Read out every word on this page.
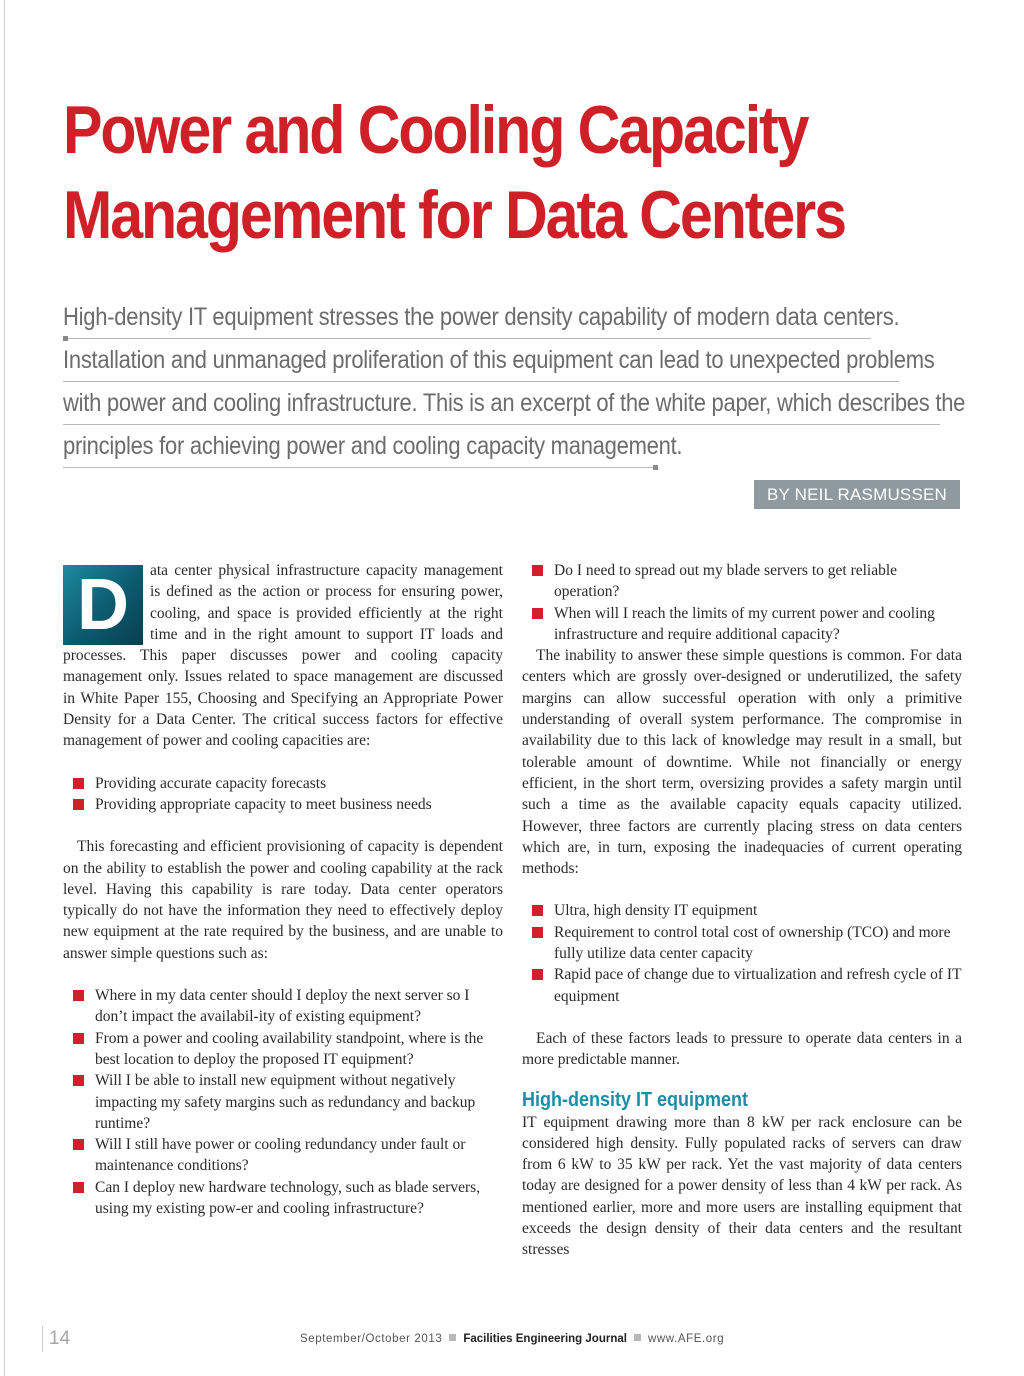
Power and Cooling Capacity
Management for Data Centers
High-density IT equipment stresses the power density capability of modern data centers.
Installation and unmanaged proliferation of this equipment can lead to unexpected problems
with power and cooling infrastructure. This is an excerpt of the white paper, which describes the
principles for achieving power and cooling capacity management.
BY NEIL RASMUSSEN

D	ata center physical infrastructure capacity management is defined as the action or process for ensuring power, cooling, and space is provided efficiently at the right time and in the right amount to support IT loads and processes. This paper discusses power and cooling capacity management only. Issues related to space management are discussed in White Paper 155, Choosing and Specifying an Appropriate Power Density for a Data Center. The critical success factors for effective management of power and cooling capacities are:

Providing accurate capacity forecasts
Providing appropriate capacity to meet business needs

This forecasting and efficient provisioning of capacity is dependent on the ability to establish the power and cooling capability at the rack level. Having this capability is rare today. Data center operators typically do not have the information they need to effectively deploy new equipment at the rate required by the business, and are unable to answer simple questions such as:

Where in my data center should I deploy the next server so I don’t impact the availabil-ity of existing equipment?
From a power and cooling availability standpoint, where is the best location to deploy the proposed IT equipment?
Will I be able to install new equipment without negatively impacting my safety margins such as redundancy and backup runtime?
Will I still have power or cooling redundancy under fault or maintenance conditions?
Can I deploy new hardware technology, such as blade servers, using my existing pow-er and cooling infrastructure?
Do I need to spread out my blade servers to get reliable operation?
When will I reach the limits of my current power and cooling infrastructure and require additional capacity?

The inability to answer these simple questions is common. For data centers which are grossly over-designed or underutilized, the safety margins can allow successful operation with only a primitive understanding of overall system performance. The compromise in availability due to this lack of knowledge may result in a small, but tolerable amount of downtime. While not financially or energy efficient, in the short term, oversizing provides a safety margin until such a time as the available capacity equals capacity utilized. However, three factors are currently placing stress on data centers which are, in turn, exposing the inadequacies of current operating methods:

Ultra, high density IT equipment
Requirement to control total cost of ownership (TCO) and more fully utilize data center capacity
Rapid pace of change due to virtualization and refresh cycle of IT equipment

Each of these factors leads to pressure to operate data centers in a more predictable manner.

High-density IT equipment

IT equipment drawing more than 8 kW per rack enclosure can be considered high density. Fully populated racks of servers can draw from 6 kW to 35 kW per rack. Yet the vast majority of data centers today are designed for a power density of less than 4 kW per rack. As mentioned earlier, more and more users are installing equipment that exceeds the design density of their data centers and the resultant stresses

14	September/October 2013 Facilities Engineering Journal www.AFE.org
